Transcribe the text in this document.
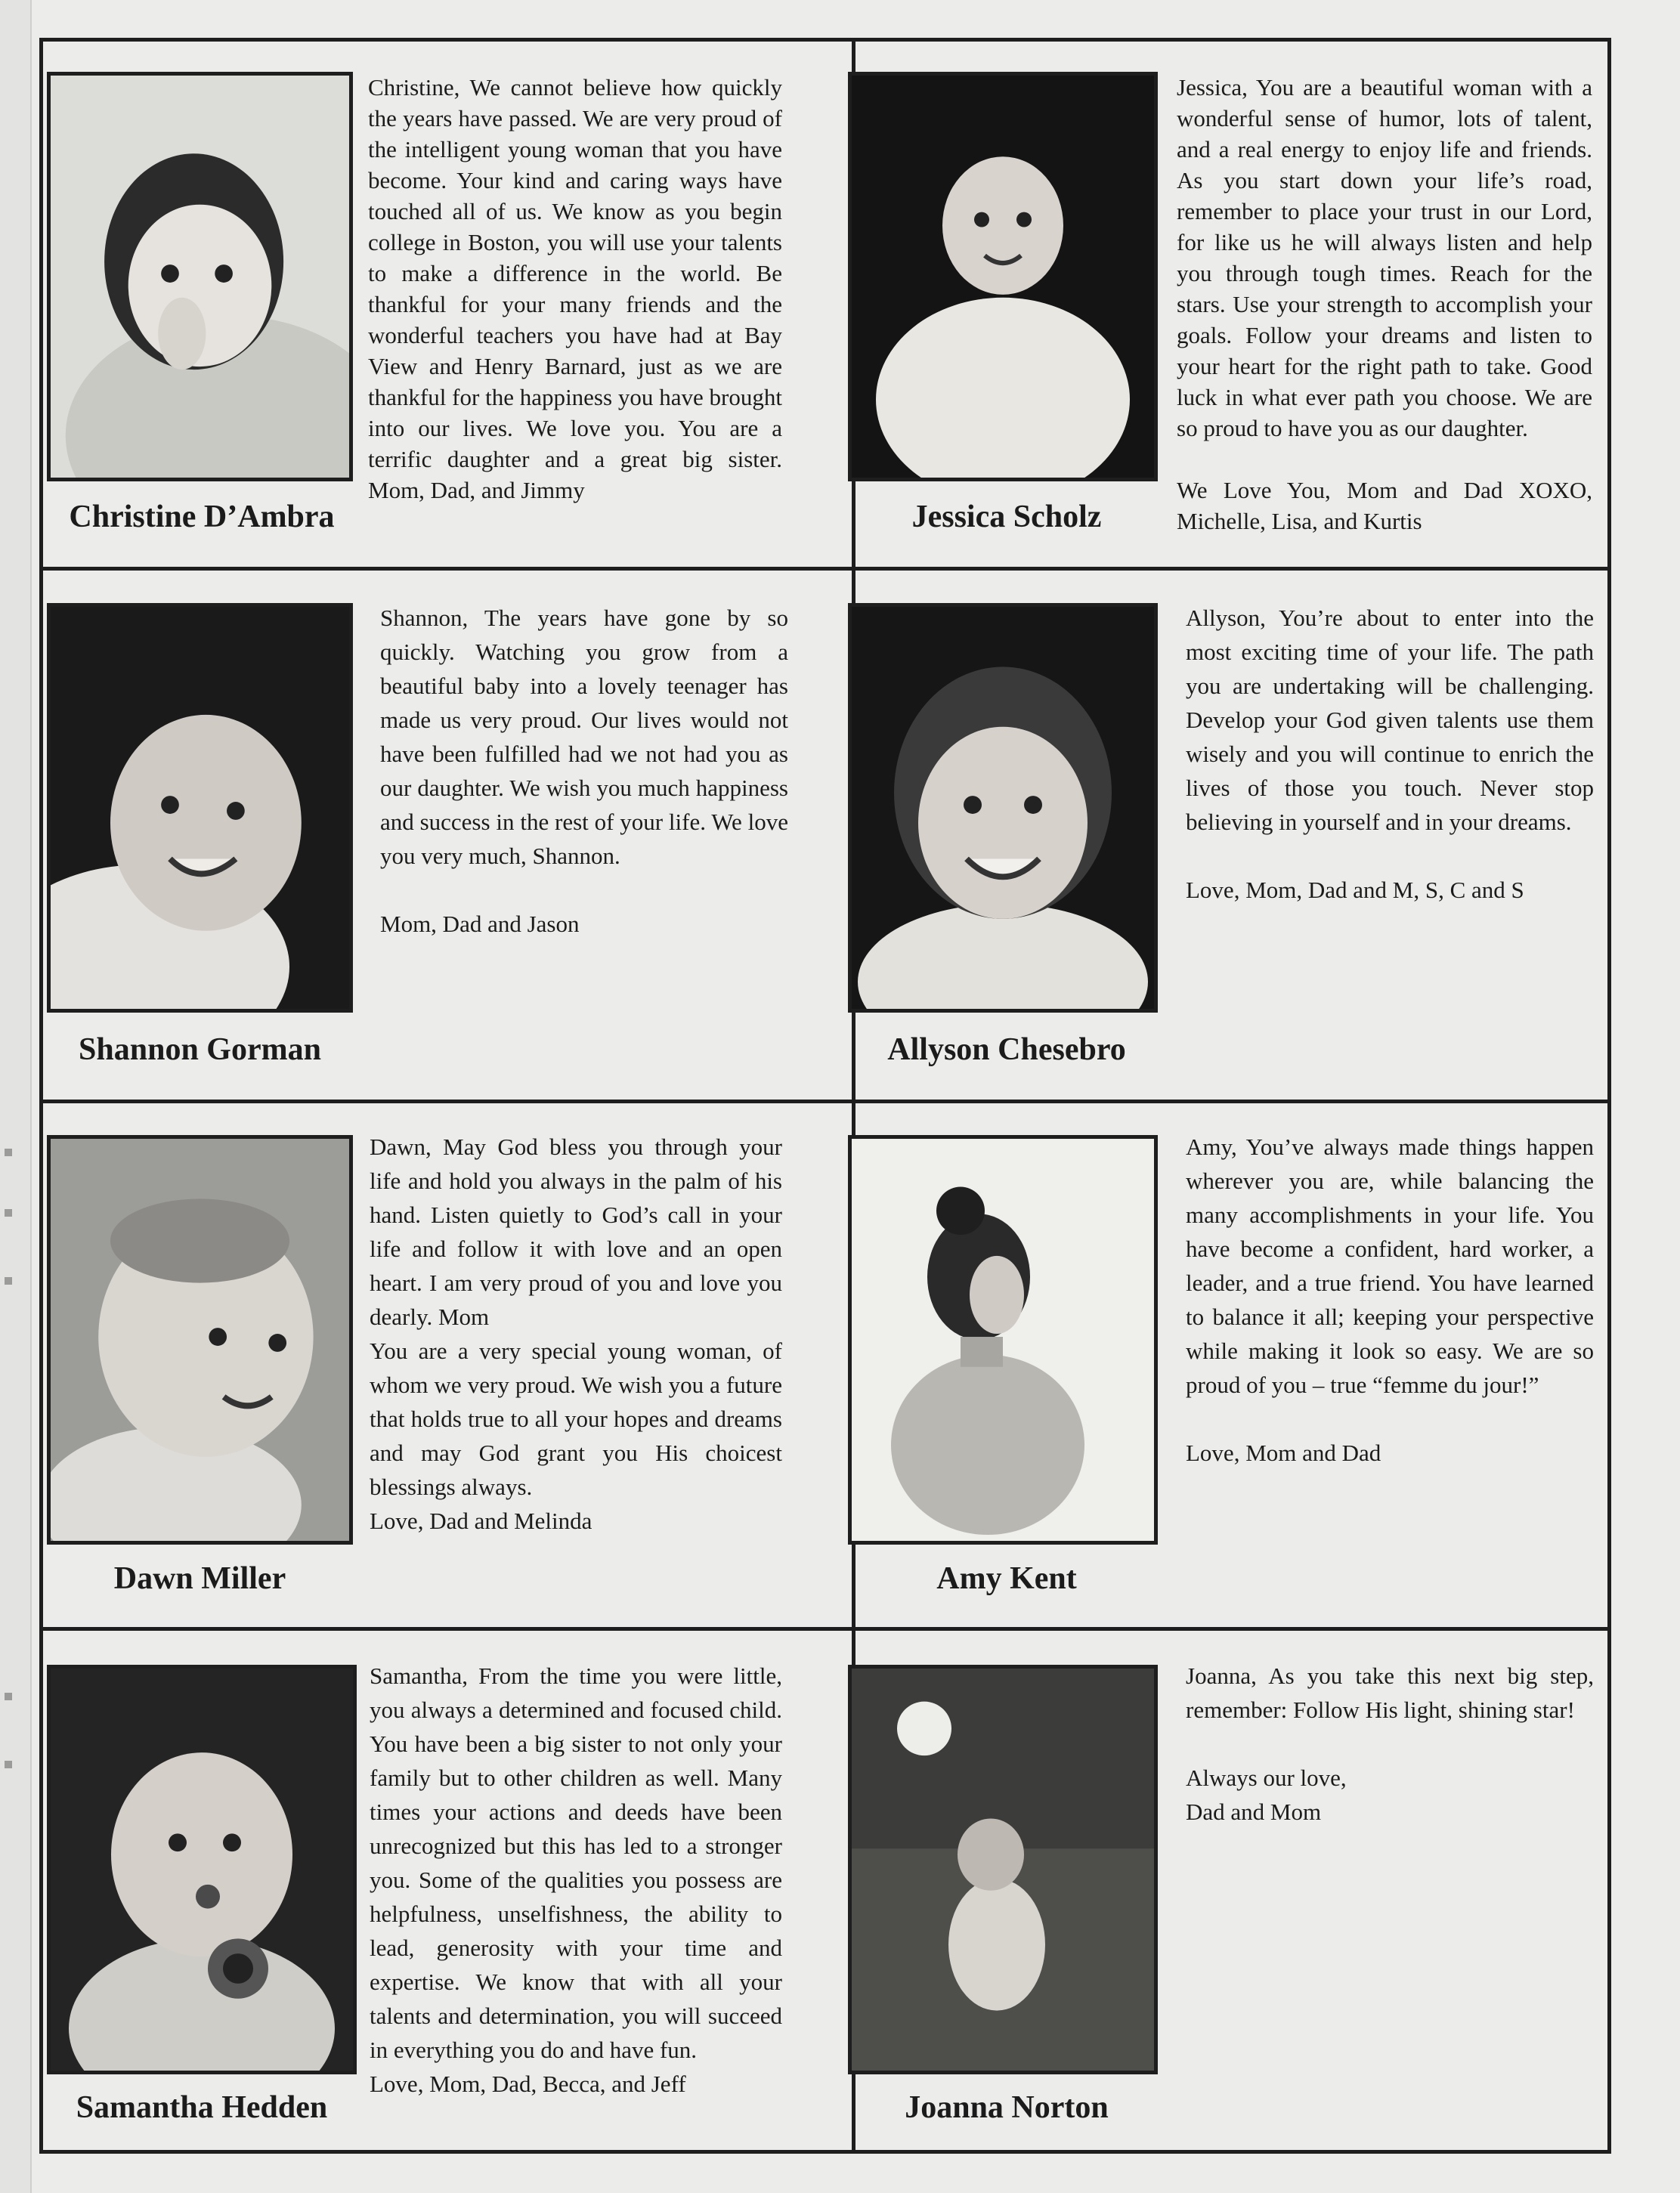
Christine D’Ambra

Christine, We cannot believe how quickly the years have passed. We are very proud of the intelligent young woman that you have become. Your kind and caring ways have touched all of us. We know as you begin college in Boston, you will use your talents to make a difference in the world. Be thankful for your many friends and the wonderful teachers you have had at Bay View and Henry Barnard, just as we are thankful for the happiness you have brought into our lives. We love you. You are a terrific daughter and a great big sister. Mom, Dad, and Jimmy

Jessica Scholz

Jessica, You are a beautiful woman with a wonderful sense of humor, lots of talent, and a real energy to enjoy life and friends. As you start down your life’s road, remember to place your trust in our Lord, for like us he will always listen and help you through tough times. Reach for the stars. Use your strength to accomplish your goals. Follow your dreams and listen to your heart for the right path to take. Good luck in what ever path you choose. We are so proud to have you as our daughter.

We Love You, Mom and Dad XOXO, Michelle, Lisa, and Kurtis

Shannon Gorman

Shannon, The years have gone by so quickly. Watching you grow from a beautiful baby into a lovely teenager has made us very proud. Our lives would not have been fulfilled had we not had you as our daughter. We wish you much happiness and success in the rest of your life. We love you very much, Shannon.

Mom, Dad and Jason

Allyson Chesebro

Allyson, You’re about to enter into the most exciting time of your life. The path you are undertaking will be challenging. Develop your God given talents use them wisely and you will continue to enrich the lives of those you touch. Never stop believing in yourself and in your dreams.

Love, Mom, Dad and M, S, C and S

Dawn Miller

Dawn, May God bless you through your life and hold you always in the palm of his hand. Listen quietly to God’s call in your life and follow it with love and an open heart. I am very proud of you and love you dearly. Mom

You are a very special young woman, of whom we very proud. We wish you a future that holds true to all your hopes and dreams and may God grant you His choicest blessings always.

Love, Dad and Melinda

Amy Kent

Amy, You’ve always made things happen wherever you are, while balancing the many accomplishments in your life. You have become a confident, hard worker, a leader, and a true friend. You have learned to balance it all; keeping your perspective while making it look so easy. We are so proud of you – true “femme du jour!”

Love, Mom and Dad

Samantha Hedden

Samantha, From the time you were little, you always a determined and focused child. You have been a big sister to not only your family but to other children as well. Many times your actions and deeds have been unrecognized but this has led to a stronger you. Some of the qualities you possess are helpfulness, unselfishness, the ability to lead, generosity with your time and expertise. We know that with all your talents and determination, you will succeed in everything you do and have fun.

Love, Mom, Dad, Becca, and Jeff

Joanna Norton

Joanna, As you take this next big step, remember: Follow His light, shining star!

Always our love,

Dad and Mom
